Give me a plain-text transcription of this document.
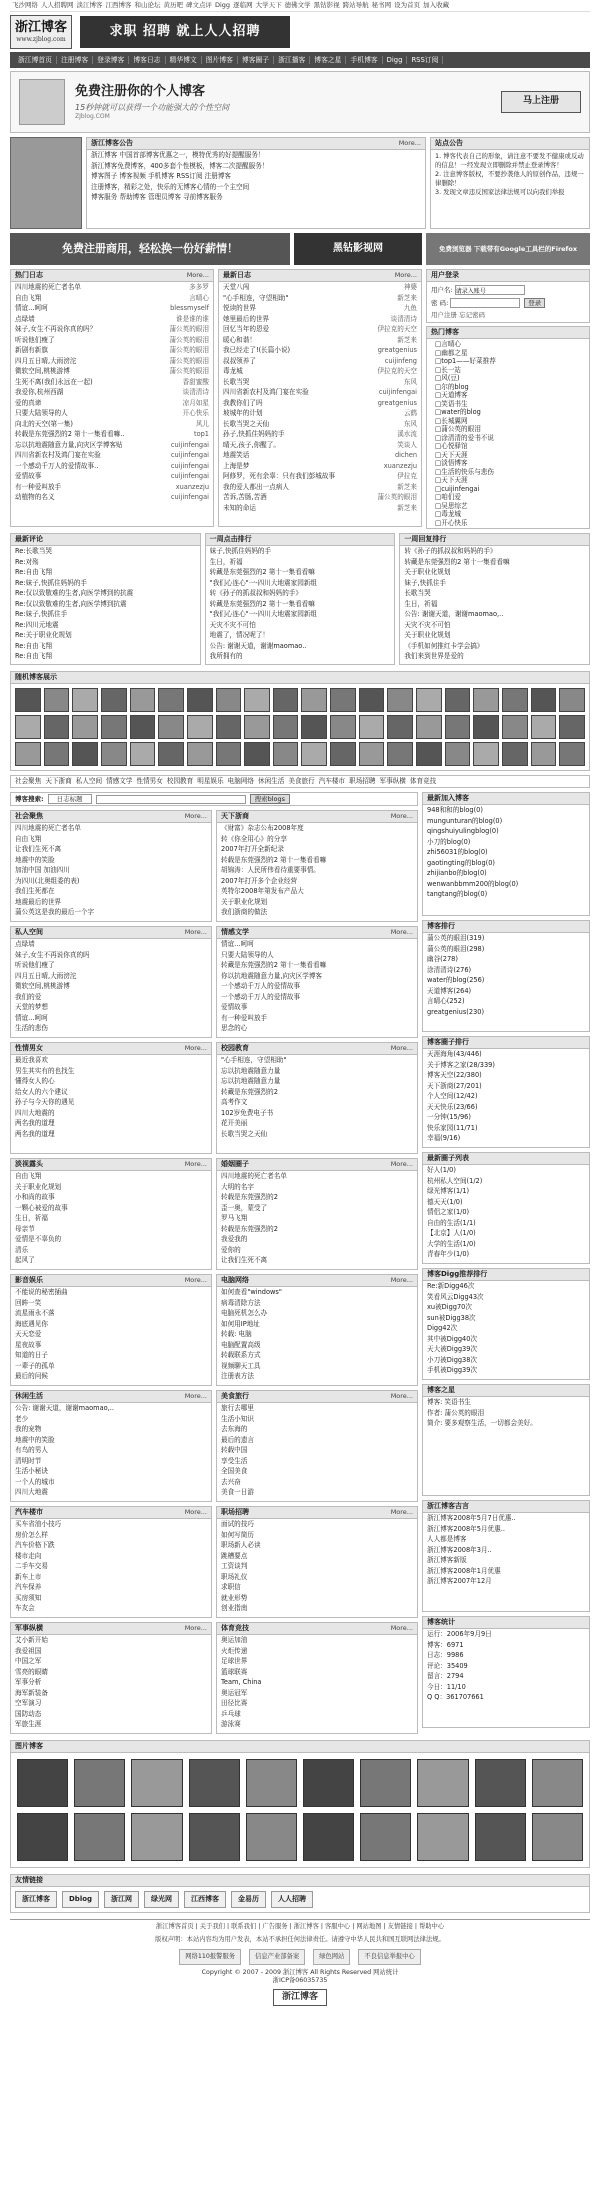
飞沙网络 人人招聘网 淡江博客 江西博客 和山论坛 黄历吧 碑文点评 Digg 逐临网 大学天下 德佛文学 黑钻影视 跨站导航 秘书网 设为首页 加入收藏
浙江博客
www.zjblog.com
求职 招聘 就上人人招聘
浙江博首页	注册博客	登录博客	博客日志	精华博文	图片博客	博客圈子	浙江播客	博客之星	手机博客	Digg	RSS订阅
免费注册你的个人博客
15秒钟就可以获得一个功能强大的个性空间
ZJblog.COM
马上注册
浙江博客公告	More...
浙江博客 中国首部博客优惠之一，模特优秀的好提醒服务！
浙江博客免费博客，400多套个性模板，博客二次提醒服务！
博客图子 博客视频 手机博客 RSS订阅 注册博客
注册博客，精彩之处，快乐的无博客心情的一个主空间
博客服务 帮助博客 管理员博客 寻前博客服务
站点公告
1. 博客代表自己的形象，请注意不要发不健康或反动的信息！一经发现立即删除并禁止登录博客！
2. 注意博客版权，不要抄袭他人的原创作品，违规一律删除！
3. 发现文章违反国家法律法规可以向我们举报
免费注册商用，轻松换一份好薪情！	黑钻影视网	免费浏览器 下载带有Google工具栏的Firefox
热门日志	More...
四川地震的死亡者名单	多多罗
自由飞翔	言晴心
情谊...呵呵	blessmyself
点绿墙	谁是谁的谁
妹子,女生不再说你真的吗？	蒲公英的眼泪
听说他们瘦了	蒲公英的眼泪
新剧有新旗	蒲公英的眼泪
四月五日晴,大雨滂沱	蒲公英的眼泪
微软空间,桃桃游博	蒲公英的眼泪
生死不离(我们永远在一起)	香甜蜜酸
我爱你,杭州西湖	谈清清诗
爱的真谛	凉月如星
只要大陆领导的人	开心快乐
向北的天空(第一集)	风儿
转载是东莞强烈的2 第十一集看看嘛..	top1
忘以抗地震随意力量,向灾区学博客贴	cuijinfengai
四川省新农村及鸿门宴在实验	cuijinfengai
一个感动千万人的爱情故事..	cuijinfengai
爱情故事	cuijinfengai
有一种爱叫放手	xuanzezju
动植物的名义	cuijinfengai
最新日志	More...
天堂八闯	神婆
"心手相连，守望相助"	新芝来
悦读的世界	九鱼
她里最后的世界	谈清清诗
回忆当年的恩爱	伊拉克的天空
暖心和谐！	新芝来
我已经走了!(长篇小说)	greatgenius
叔叔领养了	cuijinfeng
毒龙城	伊拉克的天空
长歌当哭	东风
四川省新农村及鸿门宴在实验	cuijinfengai
我教你们了吗	greatgenius
坡城年的计划	云鹤
长歌当哭之天仙	东风
孙子,快抓住妈妈的手	溪水流
晴天,孩子,你醒了。	笑谈人
地震笑话	dichen
上海是梦	xuanzezju
阿修罗，死有余辜：只有我们彭城故事	伊拉克
我的爱人都出一点病人	新芝来
苦诉,苦肠,苦酒	蒲公英的眼泪
未知的命运	新芝来
用户登录
用户名:
请录入账号
密 码:	登录
用户注册 忘记密码
热门博客
□ 言晴心
□ 幽都之星
□ top1——好菜推荐
□ 长一站
□ 风(豆)
□ 尔的blog
□ 天道博客
□ 笑语书生
□ water的blog
□ 长城翼网
□ 蒲公英的眼泪
□ 涂清清的爱书不说
□ 心悦驿馆
□ 天下天涯
□ 淡悟博客
□ 生活的快乐与悲伤
□ 天下天涯
□ cuijinfengai
□ 咱们爱
□ 吴思综艺
□ 毒龙城
□ 开心快乐
最新评论
Re:长歌当哭
Re:对殇
Re:自由飞翔
Re:妹子,快抓住妈妈的手
Re:仅以致敬难的生者,向医学博到的抗震
Re:仅以致敬难的生者,向医学博到抗震
Re:妹子,快抓住手
Re:四川元地震
Re:关于职业化规划
Re:自由飞翔
Re:自由飞翔
一周点击排行
妹子,快抓住妈妈的手
生日，祈福
转藏是东莞强烈的2 第十一集看看嘛
"我们心连心"一-四川大地震家园新组
转《孙子的抓叔叔和妈妈的手》
转藏是东莞强烈的2 第十一集看看嘛
"我们心连心"一-四川大地震家园新组
天灾不灾不可怕
地震了，情况呢了！
公告: 谢谢天道，谢谢maomao..
我所拥有的
一周回复排行
转《孙子的抓叔叔和妈妈的手》
转藏是东莞强烈的2 第十一集看看嘛
关于职业化规划
妹子,快抓住手
长歌当哭
生日，祈福
公告: 谢谢天道，谢谢maomao,..
天灾不灾不可怕
关于职业化规划
《手机如何推红卡学会搞》
我们来到世界是爱的
随机博客展示
社会聚焦 天下浙商 私人空间 情感文学 性情男女 校园教育 明星娱乐 电脑网络 休闲生活 美食旅行 汽车楼市 职场招聘 军事纵横 体育竞技
博客搜索:	日志标题	搜索blogs
社会聚焦	More...
四川地震的死亡者名单
自由飞翔
让我们生死不离
地震中的笑脸
加油中国 加油四川
为四川(北奥组委的表)
我们生死都在
地震最后的世界
蒲公英这是我的最后一个字
天下浙商	More...
《财富》杂志公布2008年度
转《你全用心》的分享
2007年打开全新纪录
转载是东莞强烈的2 第十一集看看嘛
胡锦涛：人民所伟看待重要事情。
2007年打开多个企业经营
英特尔2008年第发布产品大
关于职业化规划
我们浙商的做法
私人空间	More...
点绿墙
妹子,女生不再说你真的吗
听说他们瘦了
四月五日晴,大雨滂沱
微软空间,桃桃游博
我们的爱
天堂的梦想
情谊...呵呵
生活的悲伤
情感文学	More...
情谊...呵呵
只要大陆领导的人
转藏是东莞强烈的2 第十一集看看嘛
你以抗地震随意力量,向灾区学博客
一个感动千万人的爱情故事
一个感动千万人的爱情故事
爱情故事
有一种爱叫放手
思念的心
性情男女	More...
最近我喜欢
男生其实有的也找生
懂得女人的心
给女人的六个建议
孙子与今天你的遇见
四川大地震的
两名我的道理
两名我的道理
校园教育	More...
"心手相连，守望相助"
忘以抗地震随意力量
忘以抗地震随意力量
转藏是东莞强烈的2
高考作文
102岁免费电子书
花开美丽
长歌当哭之天仙
淡视露头	More...
自由飞翔
关于职业化规划
小和尚的故事
一颗心被爱的故事
生日，祈福
母亲节
爱情是不辜负的
清乐
起风了
婚姻圈子	More...
四川地震的死亡者名单
大明的名字
转载是东莞强烈的2
歪一奥，蒙受了
罗马飞翔
转载是东莞强烈的2
我爱我的
爱你的
让我们生死不离
影音娱乐	More...
不能说的秘密插曲
回眸一笑
流星雨永不落
海底遇见你
天天恋爱
星夜故事
知道的日子
一辈子的孤单
最后的问候
电脑网络	More...
如何查看"windows"
病毒清除方法
电脑死机怎么办
如何用IP地址
转载: 电脑
电脑配置高级
转载联系方式
视频聊天工具
注册表方法
休闲生活	More...
公告: 谢谢天道，谢谢maomao,..
老少
我的宠物
地震中的笑脸
有鸟的男人
清明时节
生活小秘诀
一个人的城市
四川大地震
美食旅行	More...
旅行去哪里
生活小知识
去东海的
最后的遗言
转载中国
享受生活
全国美食
去兴奋
美食一日游
汽车楼市	More...
买车省油小技巧
房价怎么样
汽车价格下跌
楼市走向
二手车交易
新车上市
汽车保养
买房须知
车友会
职场招聘	More...
面试的技巧
如何写简历
职场新人必读
跳槽要点
工资谈判
职场礼仪
求职信
就业形势
创业指南
军事纵横	More...
艾小新开始
我爱祖国
中国之军
雪亮的眼睛
军事分析
海军新装备
空军演习
国防动态
军旅生涯
体育竞技	More...
奥运加油
火炬传递
足球世界
篮球联赛
Team, China
奥运冠军
田径比赛
乒乓球
游泳赛
最新加入博客
948和和的blog(0)
mungunturan的blog(0)
qingshuiyulingblog(0)
小刀的blog(0)
zhi56031的blog(0)
gaotingting的blog(0)
zhijianbo的blog(0)
wenwanbbmm200的blog(0)
tangtang的blog(0)
博客排行
蒲公英的眼泪(319)
蒲公英的眼泪(298)
幽谷(278)
涂清清诗(276)
water的blog(256)
天道博客(264)
言晴心(252)
greatgenius(230)
博客圈子排行
天涯海角(43/446)
关于博客之家(28/339)
博客天空(22/380)
天下浙商(27/201)
个人空间(12/42)
天天快乐(23/66)
一分钟(15/96)
快乐家园(11/71)
幸福(9/16)
最新圈子列表
好人(1/0)
杭州私人空间(1/2)
绿光博客(1/1)
德天天(1/0)
情侣之家(1/0)
自由的生活(1/1)
【北京】人(1/0)
大学的生活(1/0)
青春年少(1/0)
博客Digg推荐排行
Re:新Digg46次
笑看风云Digg43次
xu被Digg70次
sun被Digg38次
Digg42次
其中被Digg40次
天大被Digg39次
小刀被Digg38次
手机被Digg39次
博客之星
博客: 笑语书生
作者: 蒲公英的眼泪
简介: 要多观察生活，一切都会美好。
浙江博客吉言
浙江博客2008年5月7日优惠..
浙江博客2008年5月优惠..
人人都是博客
浙江博客2008年3月..
浙江博客新版
浙江博客2008年1月优惠
浙江博客2007年12月
博客统计
运行：2006年9月9日
博客：6971
日志：9986
评论：35409
留言：2794
今日：11/10
Q Q：361707661
图片博客
友情链接
浙江博客	Dblog	浙江网	绿光网	江西博客	金易历	人人招聘
浙江博客首页 | 关于我们 | 联系我们 | 广告服务 | 浙江博客 | 客服中心 | 网站地图 | 友情链接 | 帮助中心
版权声明：本站内容均为用户发表，本站不承担任何法律责任。请遵守中华人民共和国互联网法律法规。
网络110报警服务	信息产业部备案	绿色网站	不良信息举报中心
Copyright © 2007 - 2009 浙江博客 All Rights Reserved 网站统计
浙ICP备06035735
浙江博客
